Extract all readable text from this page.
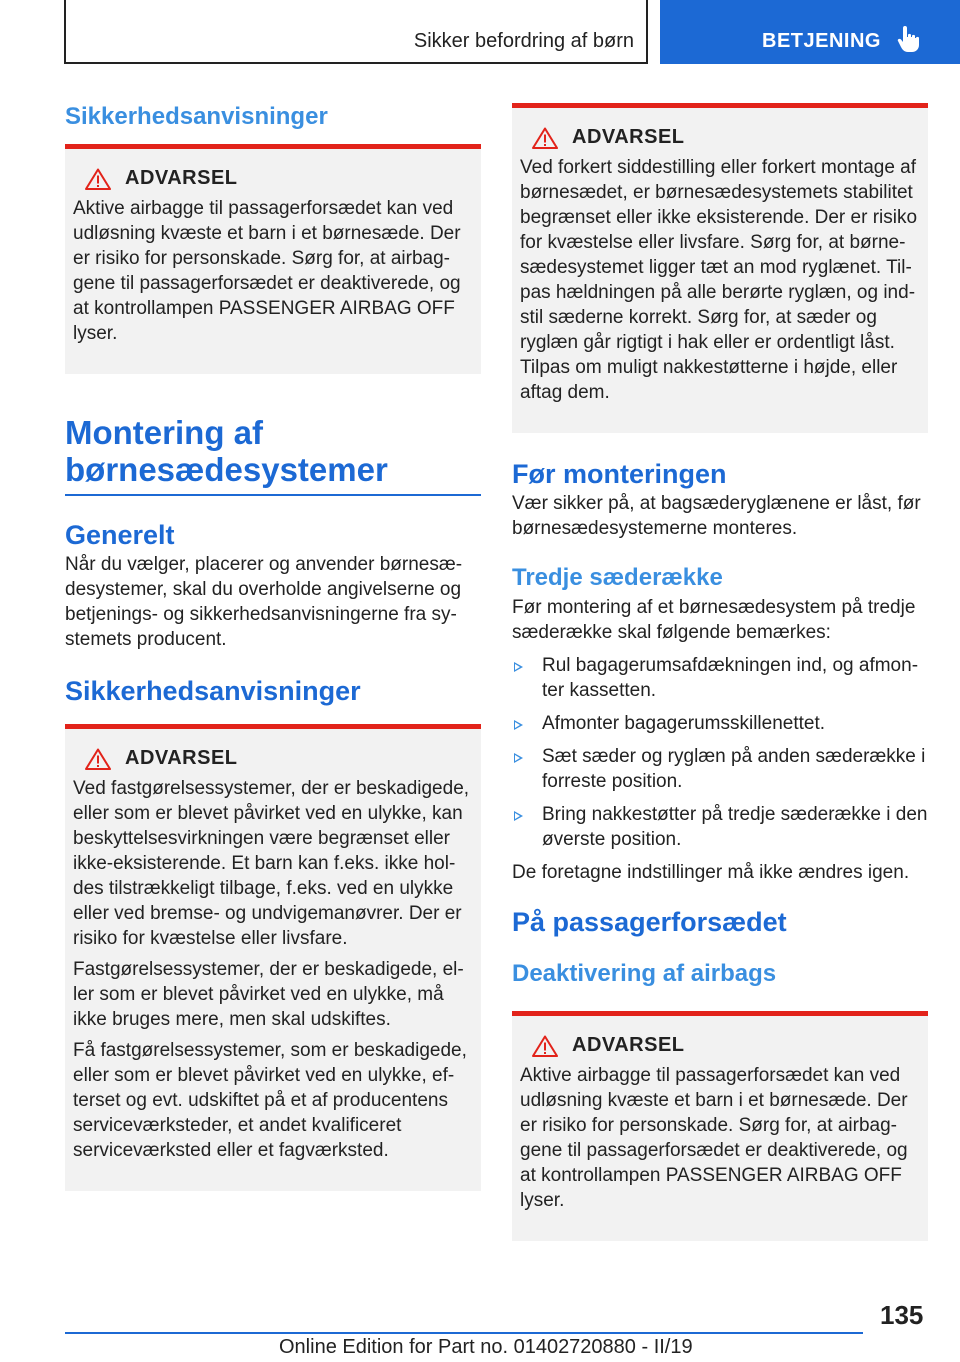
Sikker befordring af børn	BETJENING
Sikkerhedsanvisninger
ADVARSEL

Aktive airbagge til passagerforsædet kan ved udløsning kvæste et barn i et børnesæde. Der er risiko for personskade. Sørg for, at airbaggene til passagerforsædet er deaktiverede, og at kontrollampen PASSENGER AIRBAG OFF lyser.

Montering af børnesædesystemer
Generelt

Når du vælger, placerer og anvender børnesædesystemer, skal du overholde angivelserne og betjenings- og sikkerhedsanvisningerne fra systemets producent.

Sikkerhedsanvisninger
ADVARSEL

Ved fastgørelsessystemer, der er beskadigede, eller som er blevet påvirket ved en ulykke, kan beskyttelsesvirkningen være begrænset eller ikke-eksisterende. Et barn kan f.eks. ikke holdes tilstrækkeligt tilbage, f.eks. ved en ulykke eller ved bremse- og undvigemanøvrer. Der er risiko for kvæstelse eller livsfare.

Fastgørelsessystemer, der er beskadigede, eller som er blevet påvirket ved en ulykke, må ikke bruges mere, men skal udskiftes.

Få fastgørelsessystemer, som er beskadigede, eller som er blevet påvirket ved en ulykke, efterset og evt. udskiftet på et af producentens serviceværksteder, et andet kvalificeret serviceværksted eller et fagværksted.

ADVARSEL

Ved forkert siddestilling eller forkert montage af børnesædet, er børnesædesystemets stabilitet begrænset eller ikke eksisterende. Der er risiko for kvæstelse eller livsfare. Sørg for, at børnesædesystemet ligger tæt an mod ryglænet. Tilpas hældningen på alle berørte ryglæn, og indstil sæderne korrekt. Sørg for, at sæder og ryglæn går rigtigt i hak eller er ordentligt låst. Tilpas om muligt nakkestøtterne i højde, eller aftag dem.

Før monteringen

Vær sikker på, at bagsæderyglænene er låst, før børnesædesystemerne monteres.

Tredje sæderække

Før montering af et børnesædesystem på tredje sæderække skal følgende bemærkes:

Rul bagagerumsafdækningen ind, og afmonter kassetten.
Afmonter bagagerumsskillenettet.
Sæt sæder og ryglæn på anden sæderække i forreste position.
Bring nakkestøtter på tredje sæderække i den øverste position.

De foretagne indstillinger må ikke ændres igen.

På passagerforsædet
Deaktivering af airbags
ADVARSEL

Aktive airbagge til passagerforsædet kan ved udløsning kvæste et barn i et børnesæde. Der er risiko for personskade. Sørg for, at airbaggene til passagerforsædet er deaktiverede, og at kontrollampen PASSENGER AIRBAG OFF lyser.

135
Online Edition for Part no. 01402720880 - II/19
